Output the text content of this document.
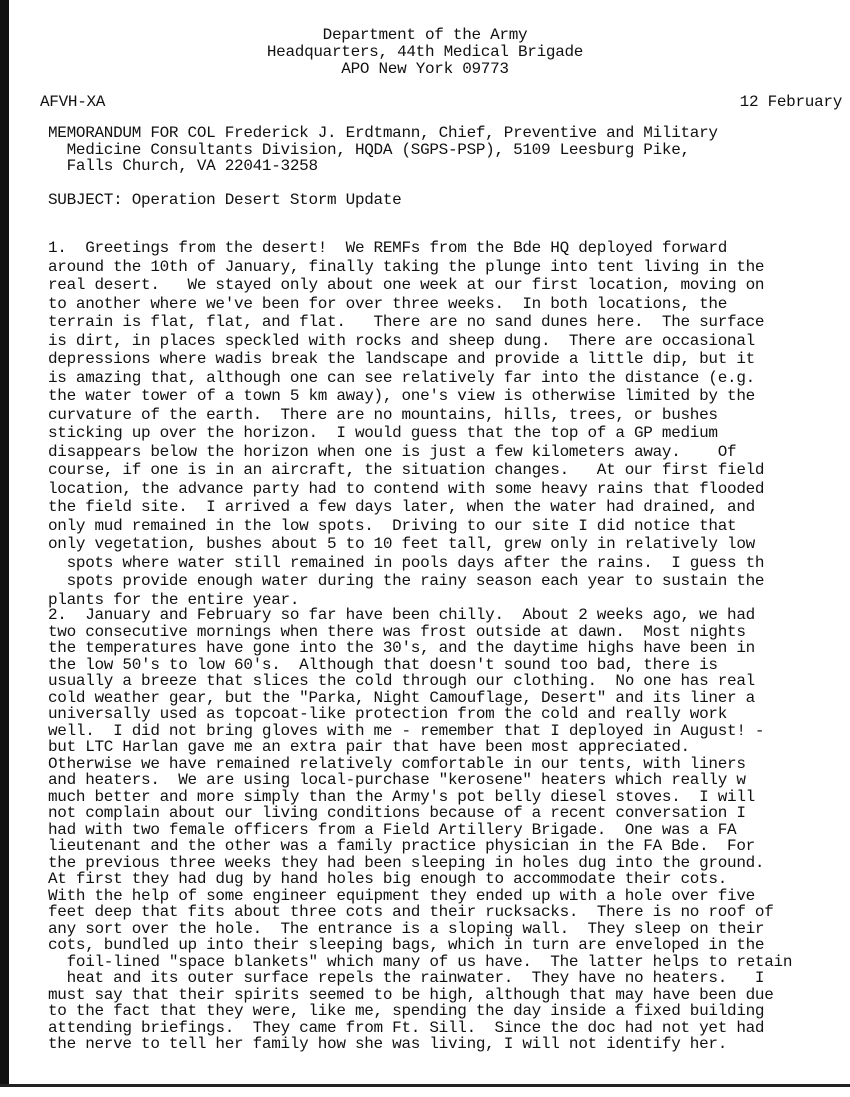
Department of the Army
Headquarters, 44th Medical Brigade
APO New York 09773
AFVH-XA	12 February
MEMORANDUM FOR COL Frederick J. Erdtmann, Chief, Preventive and Military
Medicine Consultants Division, HQDA (SGPS-PSP), 5109 Leesburg Pike,
Falls Church, VA 22041-3258
SUBJECT: Operation Desert Storm Update
1.  Greetings from the desert!  We REMFs from the Bde HQ deployed forward
around the 10th of January, finally taking the plunge into tent living in the
real desert.   We stayed only about one week at our first location, moving on
to another where we've been for over three weeks.  In both locations, the
terrain is flat, flat, and flat.   There are no sand dunes here.  The surface
is dirt, in places speckled with rocks and sheep dung.  There are occasional
depressions where wadis break the landscape and provide a little dip, but it
is amazing that, although one can see relatively far into the distance (e.g.
the water tower of a town 5 km away), one's view is otherwise limited by the
curvature of the earth.  There are no mountains, hills, trees, or bushes
sticking up over the horizon.  I would guess that the top of a GP medium
disappears below the horizon when one is just a few kilometers away.    Of
course, if one is in an aircraft, the situation changes.   At our first field
location, the advance party had to contend with some heavy rains that flooded
the field site.  I arrived a few days later, when the water had drained, and
only mud remained in the low spots.  Driving to our site I did notice that
only vegetation, bushes about 5 to 10 feet tall, grew only in relatively low
spots where water still remained in pools days after the rains.  I guess th
spots provide enough water during the rainy season each year to sustain the
plants for the entire year.
2.  January and February so far have been chilly.  About 2 weeks ago, we had
two consecutive mornings when there was frost outside at dawn.  Most nights
the temperatures have gone into the 30's, and the daytime highs have been in
the low 50's to low 60's.  Although that doesn't sound too bad, there is
usually a breeze that slices the cold through our clothing.  No one has real
cold weather gear, but the "Parka, Night Camouflage, Desert" and its liner a
universally used as topcoat-like protection from the cold and really work
well.  I did not bring gloves with me - remember that I deployed in August! -
but LTC Harlan gave me an extra pair that have been most appreciated.
Otherwise we have remained relatively comfortable in our tents, with liners
and heaters.  We are using local-purchase "kerosene" heaters which really w
much better and more simply than the Army's pot belly diesel stoves.  I will
not complain about our living conditions because of a recent conversation I
had with two female officers from a Field Artillery Brigade.  One was a FA
lieutenant and the other was a family practice physician in the FA Bde.  For
the previous three weeks they had been sleeping in holes dug into the ground.
At first they had dug by hand holes big enough to accommodate their cots.
With the help of some engineer equipment they ended up with a hole over five
feet deep that fits about three cots and their rucksacks.  There is no roof of
any sort over the hole.  The entrance is a sloping wall.  They sleep on their
cots, bundled up into their sleeping bags, which in turn are enveloped in the
foil-lined "space blankets" which many of us have.  The latter helps to retain
heat and its outer surface repels the rainwater.  They have no heaters.   I
must say that their spirits seemed to be high, although that may have been due
to the fact that they were, like me, spending the day inside a fixed building
attending briefings.  They came from Ft. Sill.  Since the doc had not yet had
the nerve to tell her family how she was living, I will not identify her.
